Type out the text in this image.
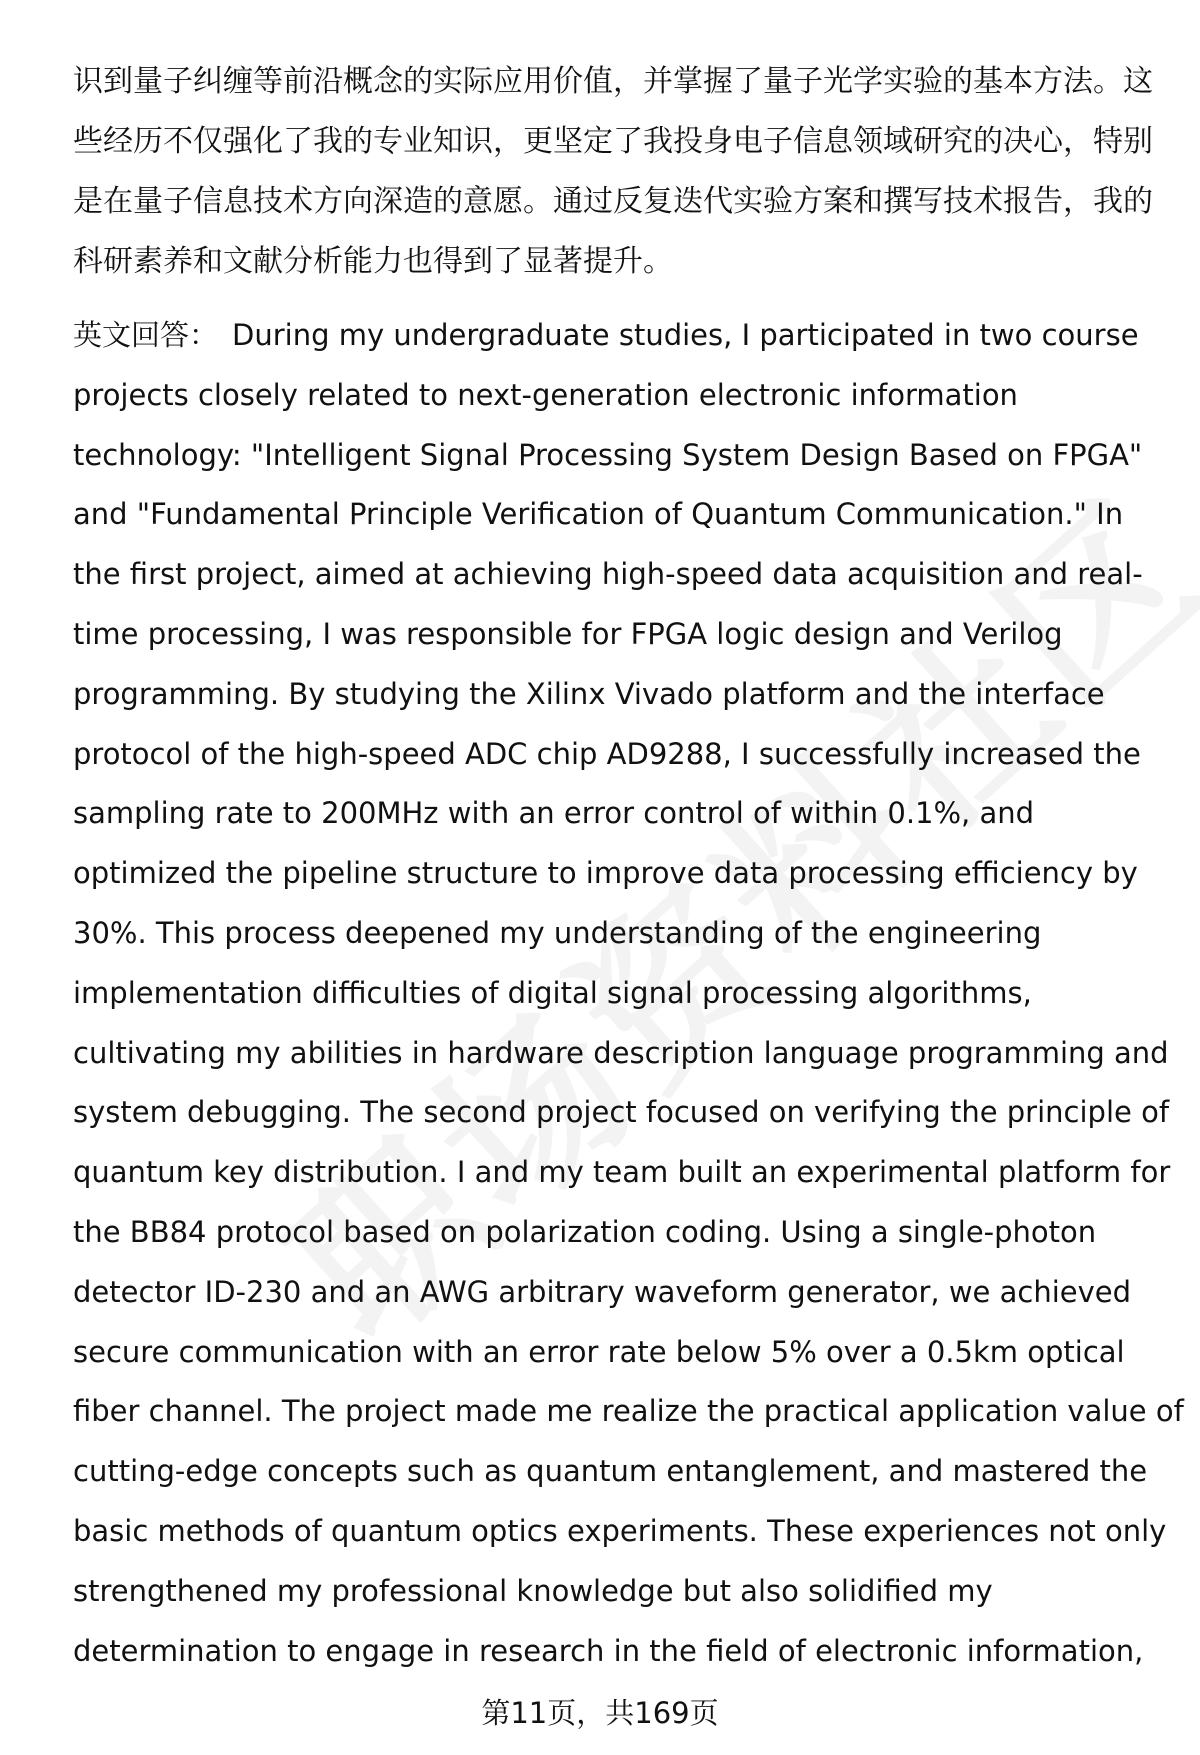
识到量子纠缠等前沿概念的实际应用价值，并掌握了量子光学实验的基本方法。这
些经历不仅强化了我的专业知识，更坚定了我投身电子信息领域研究的决心，特别
是在量子信息技术方向深造的意愿。通过反复迭代实验方案和撰写技术报告，我的
科研素养和文献分析能力也得到了显著提升。

英文回答： During my undergraduate studies, I participated in two course
projects closely related to next-generation electronic information
technology: "Intelligent Signal Processing System Design Based on FPGA"
and "Fundamental Principle Verification of Quantum Communication." In
the first project, aimed at achieving high-speed data acquisition and real-
time processing, I was responsible for FPGA logic design and Verilog
programming. By studying the Xilinx Vivado platform and the interface
protocol of the high-speed ADC chip AD9288, I successfully increased the
sampling rate to 200MHz with an error control of within 0.1%, and
optimized the pipeline structure to improve data processing efficiency by
30%. This process deepened my understanding of the engineering
implementation difficulties of digital signal processing algorithms,
cultivating my abilities in hardware description language programming and
system debugging. The second project focused on verifying the principle of
quantum key distribution. I and my team built an experimental platform for
the BB84 protocol based on polarization coding. Using a single-photon
detector ID-230 and an AWG arbitrary waveform generator, we achieved
secure communication with an error rate below 5% over a 0.5km optical
fiber channel. The project made me realize the practical application value of
cutting-edge concepts such as quantum entanglement, and mastered the
basic methods of quantum optics experiments. These experiences not only
strengthened my professional knowledge but also solidified my
determination to engage in research in the field of electronic information,

第11页，共169页
